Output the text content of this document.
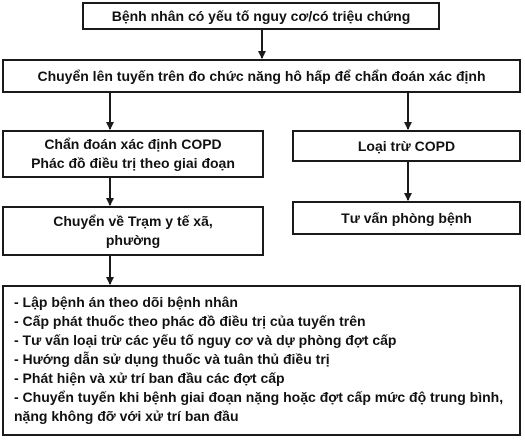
Bệnh nhân có yếu tố nguy cơ/có triệu chứng
Chuyển lên tuyến trên đo chức năng hô hấp để chẩn đoán xác định
Chẩn đoán xác định COPD
Phác đồ điều trị theo giai đoạn
Loại trừ COPD
Chuyển về Trạm y tế xã,
phường
Tư vấn phòng bệnh
- Lập bệnh án theo dõi bệnh nhân
- Cấp phát thuốc theo phác đồ điều trị của tuyến trên
- Tư vấn loại trừ các yếu tố nguy cơ và dự phòng đợt cấp
- Hướng dẫn sử dụng thuốc và tuân thủ điều trị
- Phát hiện và xử trí ban đầu các đợt cấp
- Chuyển tuyến khi bệnh giai đoạn nặng hoặc đợt cấp mức độ trung bình, nặng không đỡ với xử trí ban đầu
